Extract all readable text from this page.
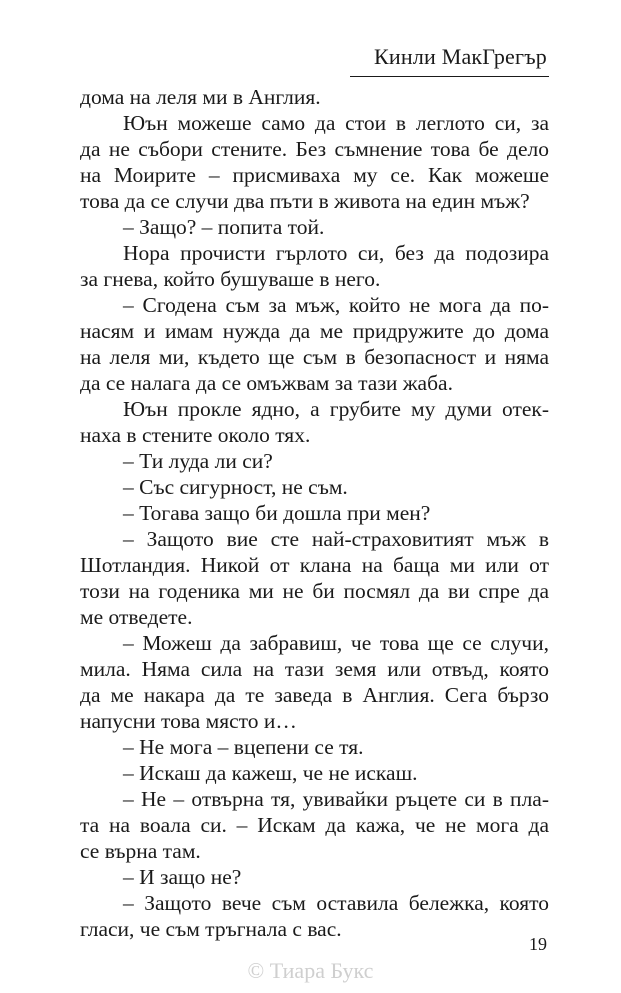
Кинли МакГрегър
дома на леля ми в Англия.
Юън можеше само да стои в леглото си, за
да не събори стените. Без съмнение това бе дело
на Моирите – присмиваха му се. Как можеше
това да се случи два пъти в живота на един мъж?
– Защо? – попита той.
Нора прочисти гърлото си, без да подозира
за гнева, който бушуваше в него.
– Сгодена съм за мъж, който не мога да по-
насям и имам нужда да ме придружите до дома
на леля ми, където ще съм в безопасност и няма
да се налага да се омъжвам за тази жаба.
Юън прокле ядно, а грубите му думи отек-
наха в стените около тях.
– Ти луда ли си?
– Със сигурност, не съм.
– Тогава защо би дошла при мен?
– Защото вие сте най-страховитият мъж в
Шотландия. Никой от клана на баща ми или от
този на годеника ми не би посмял да ви спре да
ме отведете.
– Можеш да забравиш, че това ще се случи,
мила. Няма сила на тази земя или отвъд, която
да ме накара да те заведа в Англия. Сега бързо
напусни това място и…
– Не мога – вцепени се тя.
– Искаш да кажеш, че не искаш.
– Не – отвърна тя, увивайки ръцете си в пла-
та на воала си. – Искам да кажа, че не мога да
се върна там.
– И защо не?
– Защото вече съм оставила бележка, която
гласи, че съм тръгнала с вас.
19
© Тиара Букс
